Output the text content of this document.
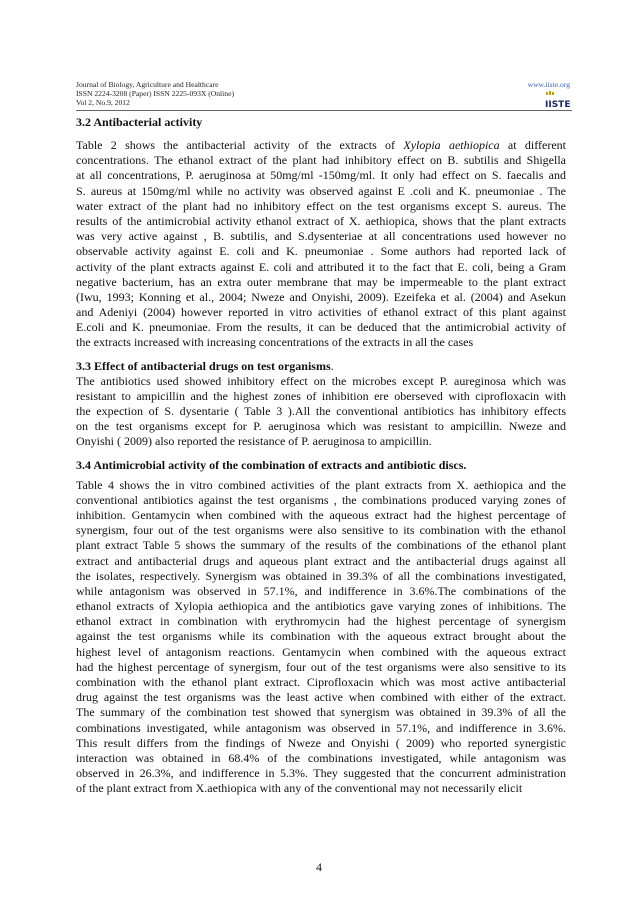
Journal of Biology, Agriculture and Healthcare
ISSN 2224-3208 (Paper) ISSN 2225-093X (Online)
Vol 2, No.9, 2012
www.iiste.org
IISTE

3.2 Antibacterial activity

Table 2 shows the antibacterial activity of the extracts of Xylopia aethiopica at different
concentrations. The ethanol extract of the plant had inhibitory effect on B. subtilis and Shigella
at all concentrations, P. aeruginosa at 50mg/ml -150mg/ml. It only had effect on S. faecalis and
S. aureus at 150mg/ml while no activity was observed against E .coli and K. pneumoniae . The
water extract of the plant had no inhibitory effect on the test organisms except S. aureus. The
results of the antimicrobial activity ethanol extract of X. aethiopica, shows that the plant extracts
was very active against , B. subtilis, and S.dysenteriae at all concentrations used however no
observable activity against E. coli and K. pneumoniae . Some authors had reported lack of
activity of the plant extracts against E. coli and attributed it to the fact that E. coli, being a Gram
negative bacterium, has an extra outer membrane that may be impermeable to the plant extract
(Iwu, 1993; Konning et al., 2004; Nweze and Onyishi, 2009). Ezeifeka et al. (2004) and Asekun
and Adeniyi (2004) however reported in vitro activities of ethanol extract of this plant against
E.coli and K. pneumoniae. From the results, it can be deduced that the antimicrobial activity of
the extracts increased with increasing concentrations of the extracts in all the cases

3.3 Effect of antibacterial drugs on test organisms.

The antibiotics used showed inhibitory effect on the microbes except P. aureginosa which was
resistant to ampicillin and the highest zones of inhibition ere oberseved with ciprofloxacin with
the expection of S. dysentarie ( Table 3 ).All the conventional antibiotics has inhibitory effects
on the test organisms except for P. aeruginosa which was resistant to ampicillin. Nweze and
Onyishi ( 2009) also reported the resistance of P. aeruginosa to ampicillin.

3.4 Antimicrobial activity of the combination of extracts and antibiotic discs.

Table 4 shows the in vitro combined activities of the plant extracts from X. aethiopica and the
conventional antibiotics against the test organisms , the combinations produced varying zones of
inhibition. Gentamycin when combined with the aqueous extract had the highest percentage of
synergism, four out of the test organisms were also sensitive to its combination with the ethanol
plant extract Table 5 shows the summary of the results of the combinations of the ethanol plant
extract and antibacterial drugs and aqueous plant extract and the antibacterial drugs against all
the isolates, respectively. Synergism was obtained in 39.3% of all the combinations investigated,
while antagonism was observed in 57.1%, and indifference in 3.6%.The combinations of the
ethanol extracts of Xylopia aethiopica and the antibiotics gave varying zones of inhibitions. The
ethanol extract in combination with erythromycin had the highest percentage of synergism
against the test organisms while its combination with the aqueous extract brought about the
highest level of antagonism reactions. Gentamycin when combined with the aqueous extract
had the highest percentage of synergism, four out of the test organisms were also sensitive to its
combination with the ethanol plant extract. Ciprofloxacin which was most active antibacterial
drug against the test organisms was the least active when combined with either of the extract.
The summary of the combination test showed that synergism was obtained in 39.3% of all the
combinations investigated, while antagonism was observed in 57.1%, and indifference in 3.6%.
This result differs from the findings of Nweze and Onyishi ( 2009) who reported synergistic
interaction was obtained in 68.4% of the combinations investigated, while antagonism was
observed in 26.3%, and indifference in 5.3%. They suggested that the concurrent administration
of the plant extract from X.aethiopica with any of the conventional may not necessarily elicit
4
